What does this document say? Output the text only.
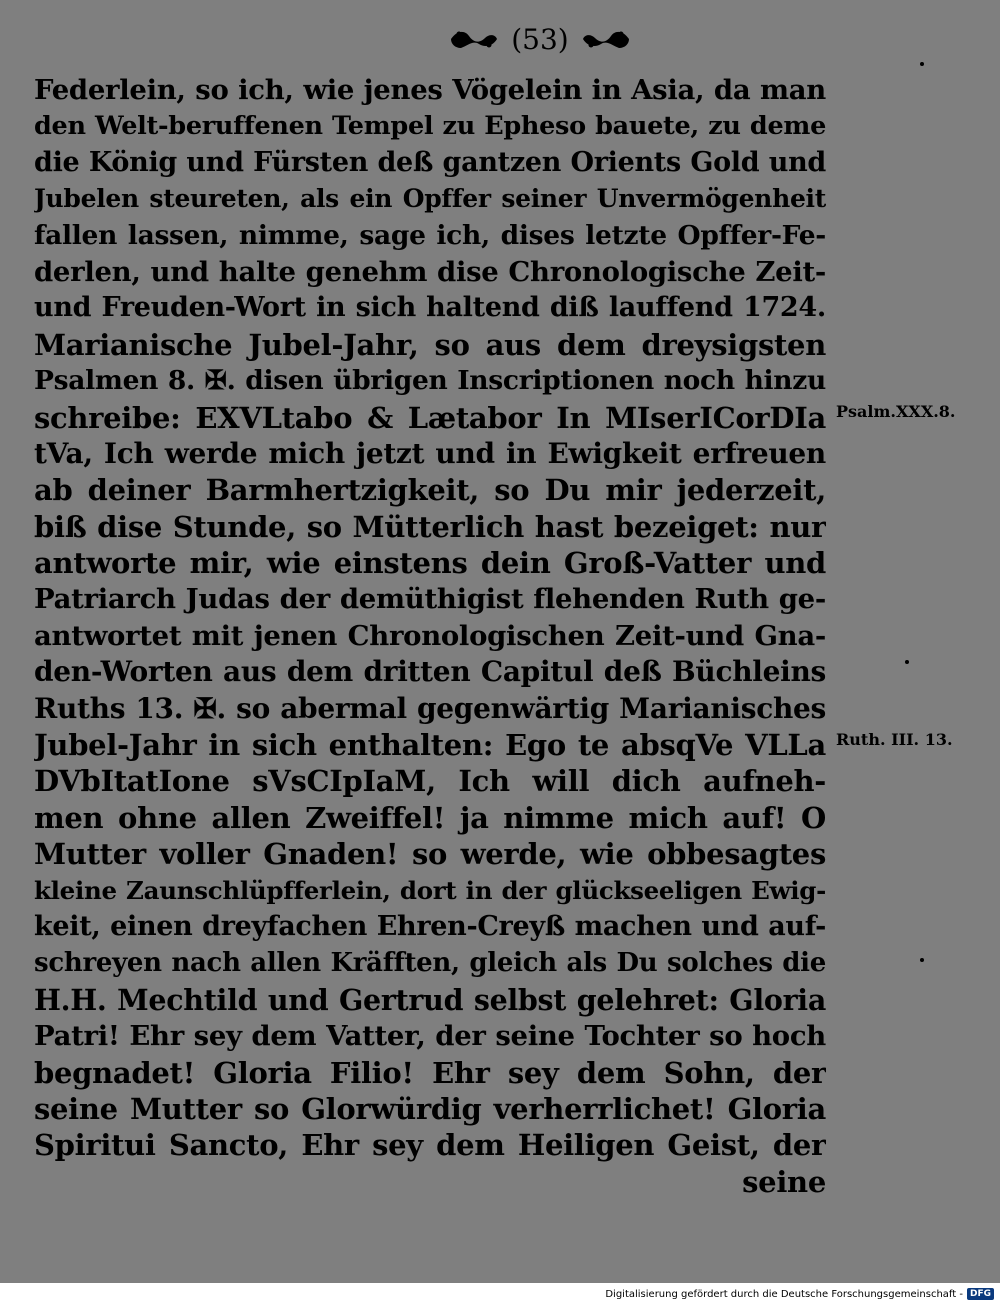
(53)
Federlein, so ich, wie jenes Vögelein in Asia, da man
den Welt-beruffenen Tempel zu Epheso bauete, zu deme
die König und Fürsten deß gantzen Orients Gold und
Jubelen steureten, als ein Opffer seiner Unvermögenheit
fallen lassen, nimme, sage ich, dises letzte Opffer-Fe-
derlen, und halte genehm dise Chronologische Zeit-
und Freuden-Wort in sich haltend diß lauffend 1724.
Marianische Jubel-Jahr, so aus dem dreysigsten
Psalmen 8. ✠. disen übrigen Inscriptionen noch hinzu
schreibe: EXVLtabo & Lætabor In MIserICorDIa
tVa, Ich werde mich jetzt und in Ewigkeit erfreuen
ab deiner Barmhertzigkeit, so Du mir jederzeit,
biß dise Stunde, so Mütterlich hast bezeiget: nur
antworte mir, wie einstens dein Groß-Vatter und
Patriarch Judas der demüthigist flehenden Ruth ge-
antwortet mit jenen Chronologischen Zeit-und Gna-
den-Worten aus dem dritten Capitul deß Büchleins
Ruths 13. ✠. so abermal gegenwärtig Marianisches
Jubel-Jahr in sich enthalten: Ego te absqVe VLLa
DVbItatIone sVsCIpIaM, Ich will dich aufneh-
men ohne allen Zweiffel! ja nimme mich auf! O
Mutter voller Gnaden! so werde, wie obbesagtes
kleine Zaunschlüpfferlein, dort in der glückseeligen Ewig-
keit, einen dreyfachen Ehren-Creyß machen und auf-
schreyen nach allen Kräfften, gleich als Du solches die
H.H. Mechtild und Gertrud selbst gelehret: Gloria
Patri! Ehr sey dem Vatter, der seine Tochter so hoch
begnadet! Gloria Filio! Ehr sey dem Sohn, der
seine Mutter so Glorwürdig verherrlichet! Gloria
Spiritui Sancto, Ehr sey dem Heiligen Geist, der
seine
Psalm.XXX.8.
Ruth. III. 13.
Digitalisierung gefördert durch die Deutsche Forschungsgemeinschaft - DFG
